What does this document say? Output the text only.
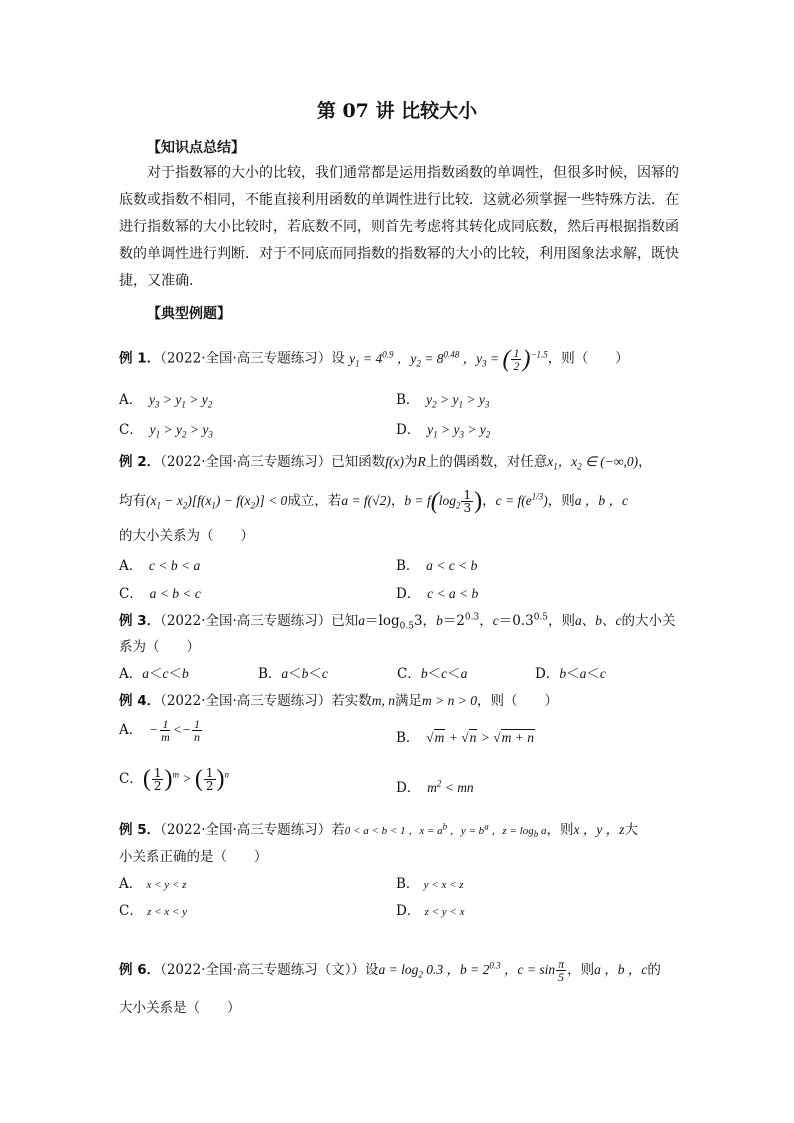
第 07 讲 比较大小
【知识点总结】
对于指数幂的大小的比较，我们通常都是运用指数函数的单调性，但很多时候，因幂的底数或指数不相同，不能直接利用函数的单调性进行比较．这就必须掌握一些特殊方法．在进行指数幂的大小比较时，若底数不同，则首先考虑将其转化成同底数，然后再根据指数函数的单调性进行判断．对于不同底而同指数的指数幂的大小的比较，利用图象法求解，既快捷，又准确．
【典型例题】
例 1．（2022·全国·高三专题练习）设 $y_1 = 4^{0.9}$ ，$y_2 = 8^{0.48}$ ，$y_3$ = ( $\frac{1}{2} )^{-1.5}$，则（　　）
A．　$y_3 > y_1 > y_2$	B．　$y_2 > y_1 > y_3$
C．　$y_1 > y_2 > y_3$	D．　$y_1 > y_3 > y_2$
例 2．（2022·全国·高三专题练习）已知函数f(x)为R上的偶函数，对任意$x_1$，$x_2$ ∈ (−∞,0)，
均有$(x_1 - x_2)[f(x_1) - f(x_2)] < 0$成立，若a = f(√2)，$b = f(\log_2 \frac{1}{3}$ )，$c = f(e^{1/3})$，则a ，b ，c
的大小关系为（　　）
A．　c < b < a	B．　a < c < b
C．　a < b < c	D．　c < a < b
例 3．（2022·全国·高三专题练习）已知$a=\log_{0.5}3$，$b=2^{0.3}$，$c=0.3^{0.5}$，则a、b、c的大小关
系为（　　）
A．a＜c＜b	B．a＜b＜c	C．b＜c＜a	D．b＜a＜c
例 4．（2022·全国·高三专题练习）若实数m, n满足m > n > 0，则（　　）
A．　− $\frac{1}{m} <- \frac{1}{n}$	B．　√m + √n > √m + n
C．( $\frac{1}{2} )^m$ > ( $\frac{1}{2} )^n$
D．　$m^2$ < mn
例 5．（2022·全国·高三专题练习）若0 < a < b < 1 ，$x = a^b$ ，$y = b^a$ ，$z = \log_b a$，则x ，y ，z大
小关系正确的是（　　）
A．　x < y < z	B．　y < x < z
C．　z < x < y	D．　z < y < x
例 6．（2022·全国·高三专题练习（文））设$a = \log_2 0.3$ ，$b = 2^{0.3}$ ，$c = \sin \frac{\pi}{5}$ ，则a ，b ，c的
大小关系是（　　）
